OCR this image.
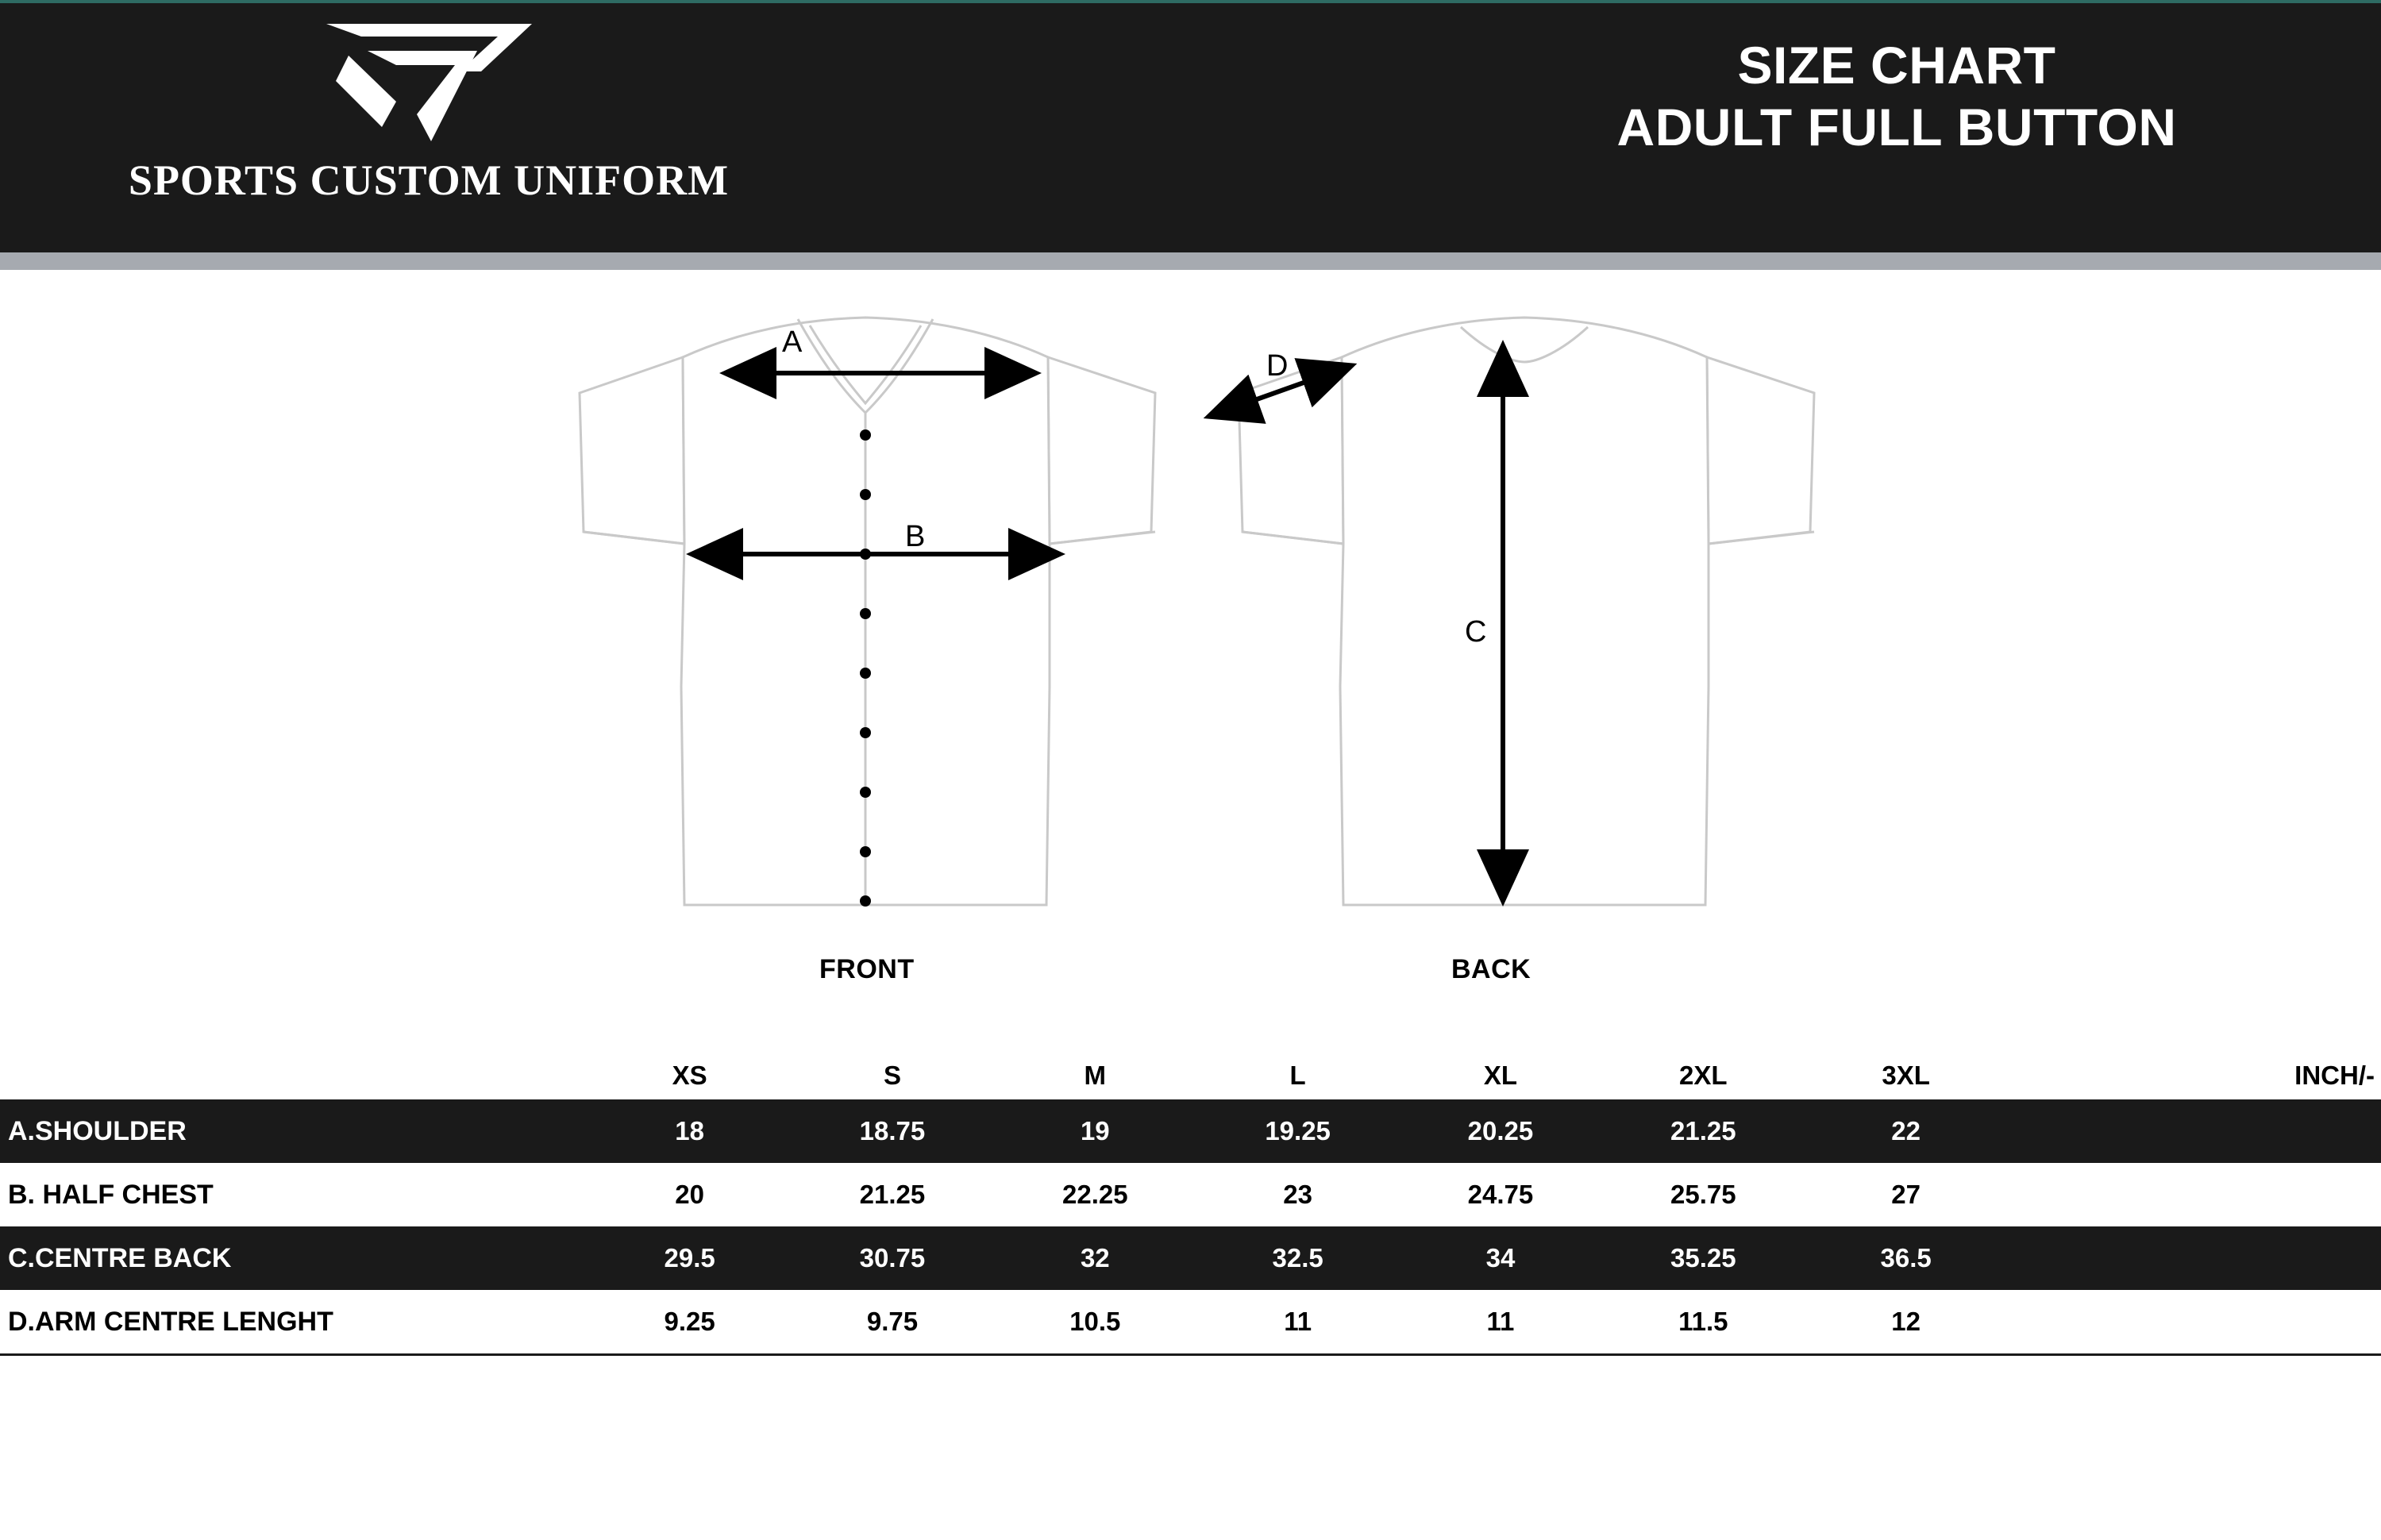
SPORTS CUSTOM UNIFORM
SIZE CHART
ADULT FULL BUTTON
A
B
C
D
FRONT	BACK
	XS	S	M	L	XL	2XL	3XL	INCH/-
A.SHOULDER	18	18.75	19	19.25	20.25	21.25	22	
B. HALF CHEST	20	21.25	22.25	23	24.75	25.75	27	
C.CENTRE BACK	29.5	30.75	32	32.5	34	35.25	36.5	
D.ARM CENTRE LENGHT	9.25	9.75	10.5	11	11	11.5	12	
